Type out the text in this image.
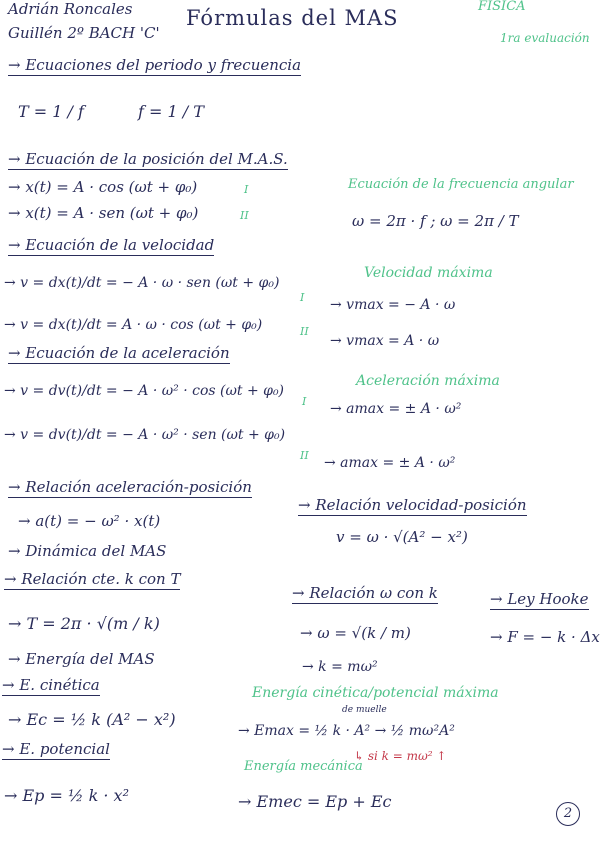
Adrián Roncales
Guillén 2º BACH 'C'
Fórmulas del MAS	FISICA
1ra evaluación
→ Ecuaciones del periodo y frecuencia
T = 1 / f	f = 1 / T
→ Ecuación de la posición del M.A.S.
→ x(t) = A · cos (ωt + φ₀)	I
→ x(t) = A · sen (ωt + φ₀)	II
Ecuación de la frecuencia angular
ω = 2π · f ; ω = 2π / T
→ Ecuación de la velocidad
→ v = dx(t)/dt = − A · ω · sen (ωt + φ₀)
I
→ v = dx(t)/dt = A · ω · cos (ωt + φ₀)	II
Velocidad máxima
→ vmax = − A · ω
→ vmax = A · ω
→ Ecuación de la aceleración
→ v = dv(t)/dt = − A · ω² · cos (ωt + φ₀)
I
→ v = dv(t)/dt = − A · ω² · sen (ωt + φ₀)
II
Aceleración máxima
→ amax = ± A · ω²
→ amax = ± A · ω²
→ Relación aceleración-posición
→ a(t) = − ω² · x(t)
→ Relación velocidad-posición
v = ω · √(A² − x²)
→ Dinámica del MAS
→ Relación cte. k con T
→ T = 2π · √(m / k)
→ Relación ω con k
→ ω = √(k / m)
→ k = mω²
→ Ley Hooke
→ F = − k · Δx
→ Energía del MAS
→ E. cinética
→ Ec = ½ k (A² − x²)
→ E. potencial
→ Ep = ½ k · x²
Energía cinética/potencial máxima
de muelle
→ Emax = ½ k · A² → ½ mω²A²
↳ si k = mω² ↑
Energía mecánica
→ Emec = Ep + Ec
2
